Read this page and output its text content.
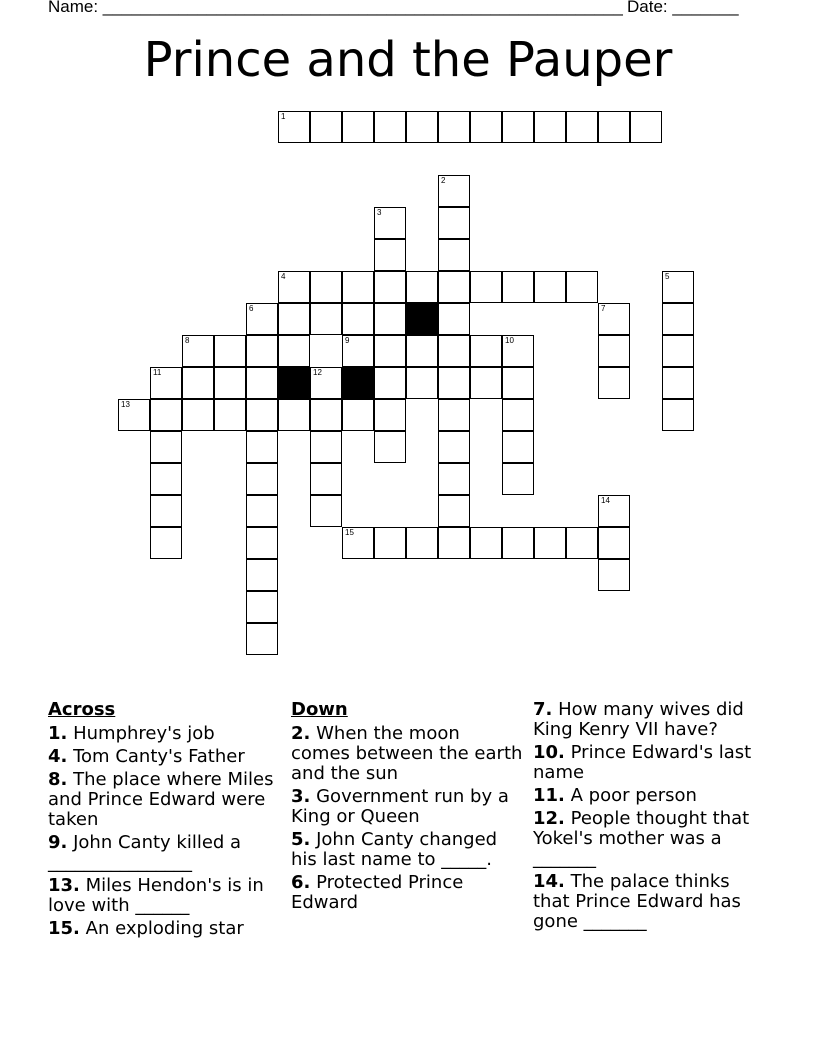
Name: _______________________________________________________ Date: _______
Prince and the Pauper
1
2
3
4	5
6	7
8	9	10
11	12
13
14
15
Across
1. Humphrey's job
4. Tom Canty's Father
8. The place where Miles and Prince Edward were taken
9. John Canty killed a ________________
13. Miles Hendon's is in love with ______
15. An exploding star
Down
2. When the moon comes between the earth and the sun
3. Government run by a King or Queen
5. John Canty changed his last name to _____.
6. Protected Prince Edward
7. How many wives did King Kenry VII have?
10. Prince Edward's last name
11. A poor person
12. People thought that Yokel's mother was a _______
14. The palace thinks that Prince Edward has gone _______
